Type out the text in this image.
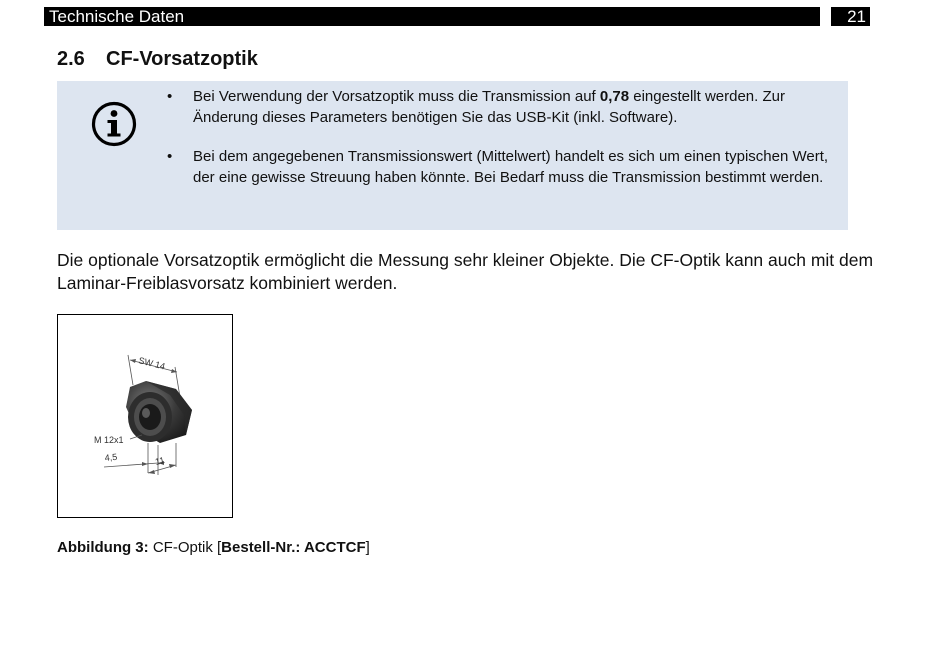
Technische Daten	21
2.6 CF-Vorsatzoptik
• Bei Verwendung der Vorsatzoptik muss die Transmission auf 0,78 eingestellt werden. Zur Änderung dieses Parameters benötigen Sie das USB-Kit (inkl. Software).
• Bei dem angegebenen Transmissionswert (Mittelwert) handelt es sich um einen typischen Wert, der eine gewisse Streuung haben könnte. Bei Bedarf muss die Transmission bestimmt werden.

Die optionale Vorsatzoptik ermöglicht die Messung sehr kleiner Objekte. Die CF-Optik kann auch mit dem Laminar-Freiblasvorsatz kombiniert werden.

SW 14
M 12x1
4,5	11
Abbildung 3: CF-Optik [Bestell-Nr.: ACCTCF]
